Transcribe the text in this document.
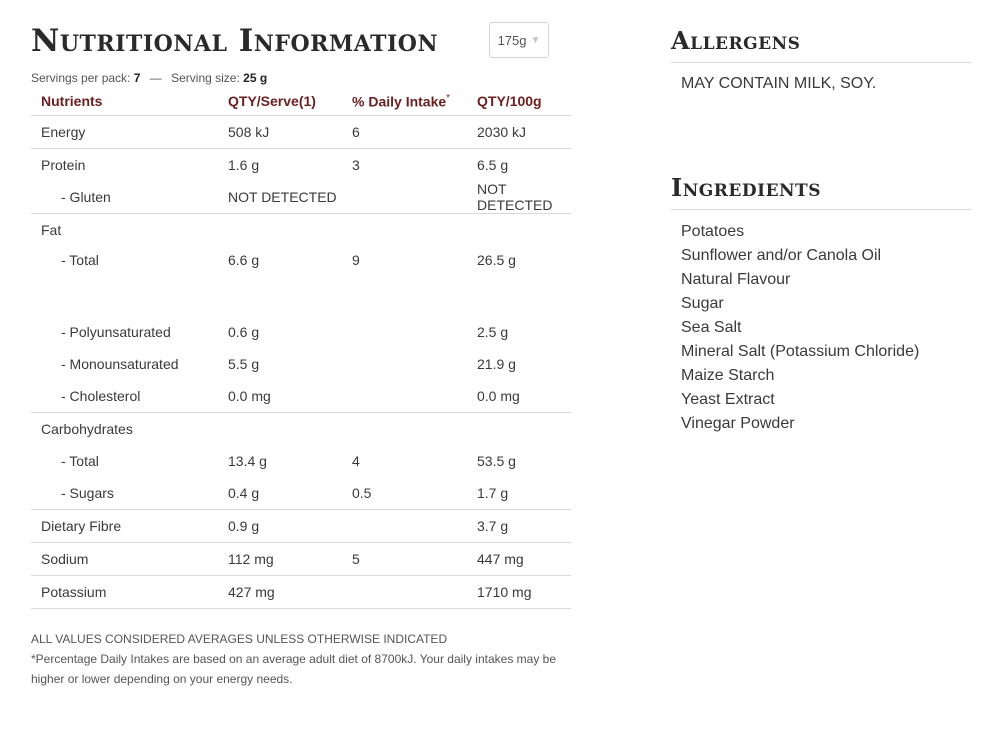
Nutritional Information	175g ▼
Servings per pack: 7 — Serving size: 25 g
Nutrients	QTY/Serve(1)	% Daily Intake*	QTY/100g
Energy	508 kJ	6	2030 kJ
Protein	1.6 g	3	6.5 g
- Gluten	NOT DETECTED		NOT DETECTED
Fat			
- Total	6.6 g	9	26.5 g
- Polyunsaturated	0.6 g		2.5 g
- Monounsaturated	5.5 g		21.9 g
- Cholesterol	0.0 mg		0.0 mg
Carbohydrates			
- Total	13.4 g	4	53.5 g
- Sugars	0.4 g	0.5	1.7 g
Dietary Fibre	0.9 g		3.7 g
Sodium	112 mg	5	447 mg
Potassium	427 mg		1710 mg
ALL VALUES CONSIDERED AVERAGES UNLESS OTHERWISE INDICATED
*Percentage Daily Intakes are based on an average adult diet of 8700kJ. Your daily intakes may be higher or lower depending on your energy needs.
Allergens
MAY CONTAIN MILK, SOY.
Ingredients
Potatoes
Sunflower and/or Canola Oil
Natural Flavour
Sugar
Sea Salt
Mineral Salt (Potassium Chloride)
Maize Starch
Yeast Extract
Vinegar Powder
